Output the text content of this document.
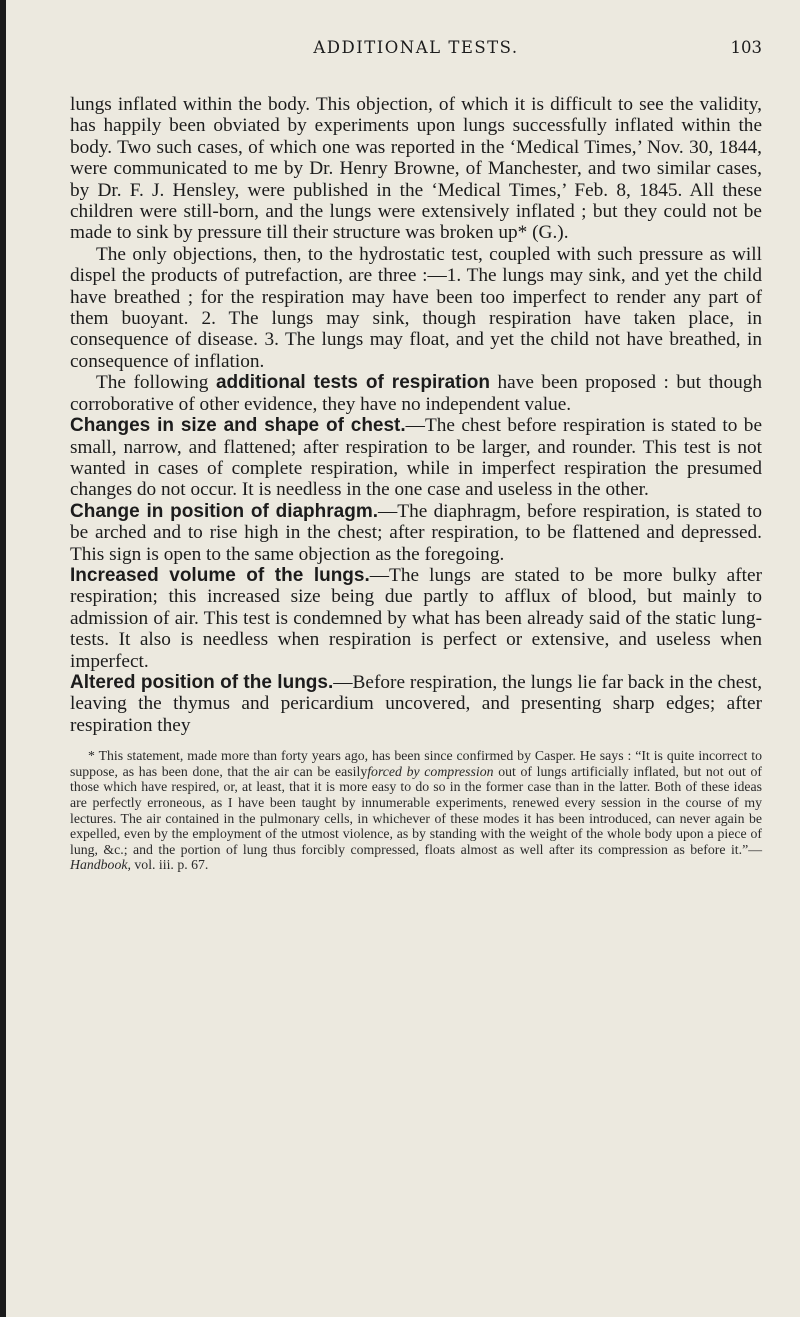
ADDITIONAL TESTS.	103

lungs inflated within the body. This objection, of which it is difficult to see the validity, has happily been obviated by experiments upon lungs successfully inflated within the body. Two such cases, of which one was reported in the ‘Medical Times,’ Nov. 30, 1844, were communicated to me by Dr. Henry Browne, of Manchester, and two similar cases, by Dr. F. J. Hensley, were published in the ‘Medical Times,’ Feb. 8, 1845. All these children were still-born, and the lungs were extensively inflated ; but they could not be made to sink by pressure till their structure was broken up* (G.).

The only objections, then, to the hydrostatic test, coupled with such pressure as will dispel the products of putrefaction, are three :—1. The lungs may sink, and yet the child have breathed ; for the respiration may have been too imperfect to render any part of them buoyant. 2. The lungs may sink, though respiration have taken place, in consequence of disease. 3. The lungs may float, and yet the child not have breathed, in consequence of inflation.

The following additional tests of respiration have been proposed : but though corroborative of other evidence, they have no independent value.

Changes in size and shape of chest.—The chest before respiration is stated to be small, narrow, and flattened; after respiration to be larger, and rounder. This test is not wanted in cases of complete respiration, while in imperfect respiration the presumed changes do not occur. It is needless in the one case and useless in the other.

Change in position of diaphragm.—The diaphragm, before respiration, is stated to be arched and to rise high in the chest; after respiration, to be flattened and depressed. This sign is open to the same objection as the foregoing.

Increased volume of the lungs.—The lungs are stated to be more bulky after respiration; this increased size being due partly to afflux of blood, but mainly to admission of air. This test is condemned by what has been already said of the static lung-tests. It also is needless when respiration is perfect or extensive, and useless when imperfect.

Altered position of the lungs.—Before respiration, the lungs lie far back in the chest, leaving the thymus and pericardium uncovered, and presenting sharp edges; after respiration they

* This statement, made more than forty years ago, has been since confirmed by Casper. He says : “It is quite incorrect to suppose, as has been done, that the air can be easilyforced by compression out of lungs artificially inflated, but not out of those which have respired, or, at least, that it is more easy to do so in the former case than in the latter. Both of these ideas are perfectly erroneous, as I have been taught by innumerable experiments, renewed every session in the course of my lectures. The air contained in the pulmonary cells, in whichever of these modes it has been introduced, can never again be expelled, even by the employment of the utmost violence, as by standing with the weight of the whole body upon a piece of lung, &c.; and the portion of lung thus forcibly compressed, floats almost as well after its compression as before it.”—Handbook, vol. iii. p. 67.
